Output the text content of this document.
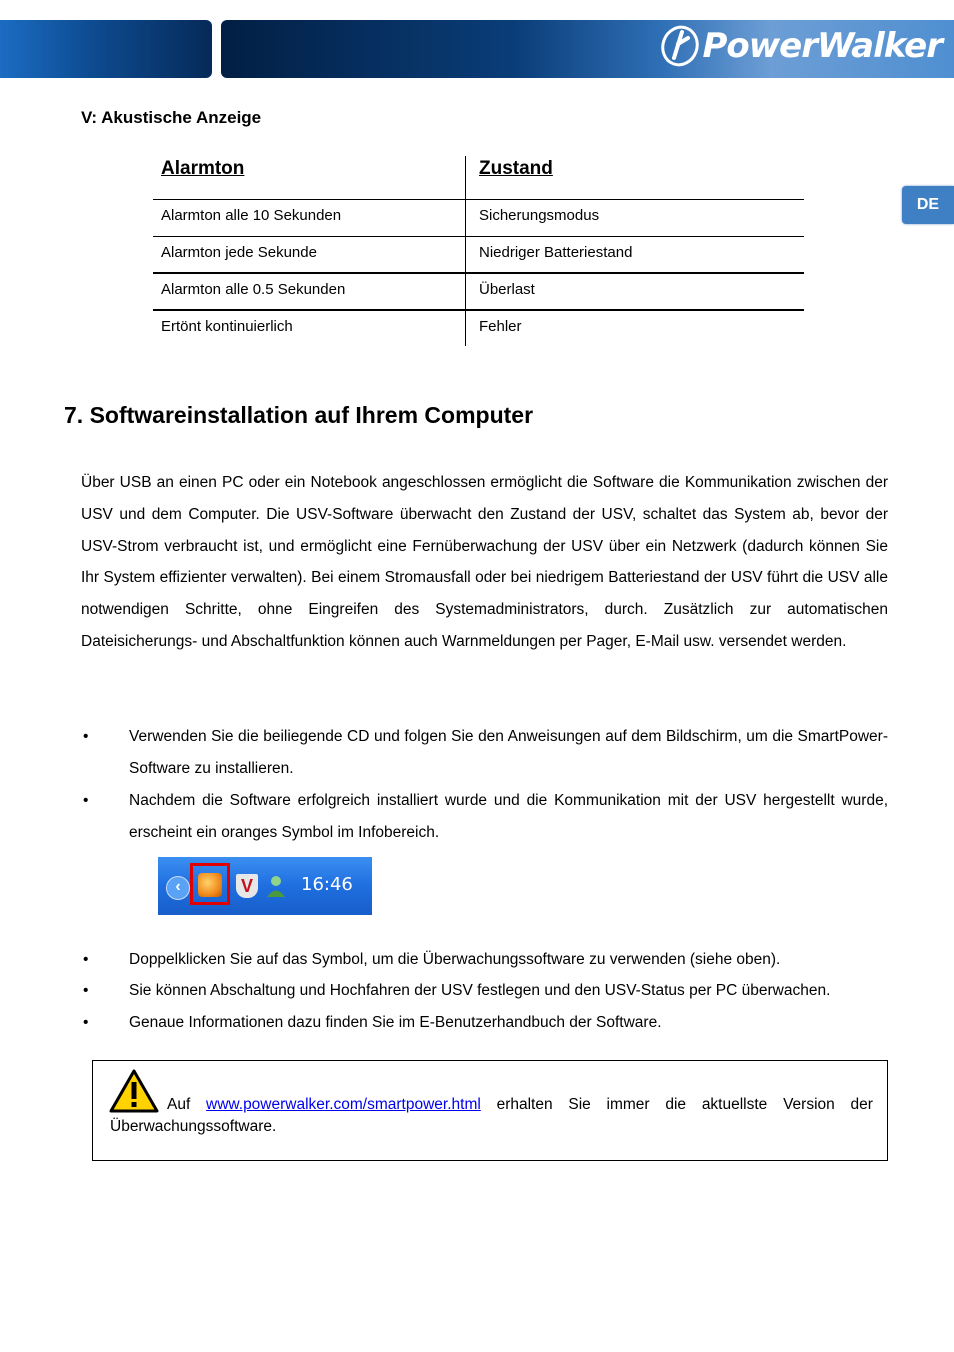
PowerWalker
DE
V: Akustische Anzeige
Alarmton	Zustand
Alarmton alle 10 Sekunden	Sicherungsmodus
Alarmton jede Sekunde	Niedriger Batteriestand
Alarmton alle 0.5 Sekunden	Überlast
Ertönt kontinuierlich	Fehler
7. Softwareinstallation auf Ihrem Computer

Über USB an einen PC oder ein Notebook angeschlossen ermöglicht die Software die Kommunikation zwischen der USV und dem Computer. Die USV-Software überwacht den Zustand der USV, schaltet das System ab, bevor der USV-Strom verbraucht ist, und ermöglicht eine Fernüberwachung der USV über ein Netzwerk (dadurch können Sie Ihr System effizienter verwalten). Bei einem Stromausfall oder bei niedrigem Batteriestand der USV führt die USV alle notwendigen Schritte, ohne Eingreifen des Systemadministrators, durch. Zusätzlich zur automatischen Dateisicherungs- und Abschaltfunktion können auch Warnmeldungen per Pager, E-Mail usw. versendet werden.

•	Verwenden Sie die beiliegende CD und folgen Sie den Anweisungen auf dem Bildschirm, um die SmartPower-Software zu installieren.
•	Nachdem die Software erfolgreich installiert wurde und die Kommunikation mit der USV hergestellt wurde, erscheint ein oranges Symbol im Infobereich.
‹	V	16:46
•	Doppelklicken Sie auf das Symbol, um die Überwachungssoftware zu verwenden (siehe oben).
•	Sie können Abschaltung und Hochfahren der USV festlegen und den USV-Status per PC überwachen.
•	Genaue Informationen dazu finden Sie im E-Benutzerhandbuch der Software.
Auf www.powerwalker.com/smartpower.html erhalten Sie immer die aktuellste Version der
Überwachungssoftware.
